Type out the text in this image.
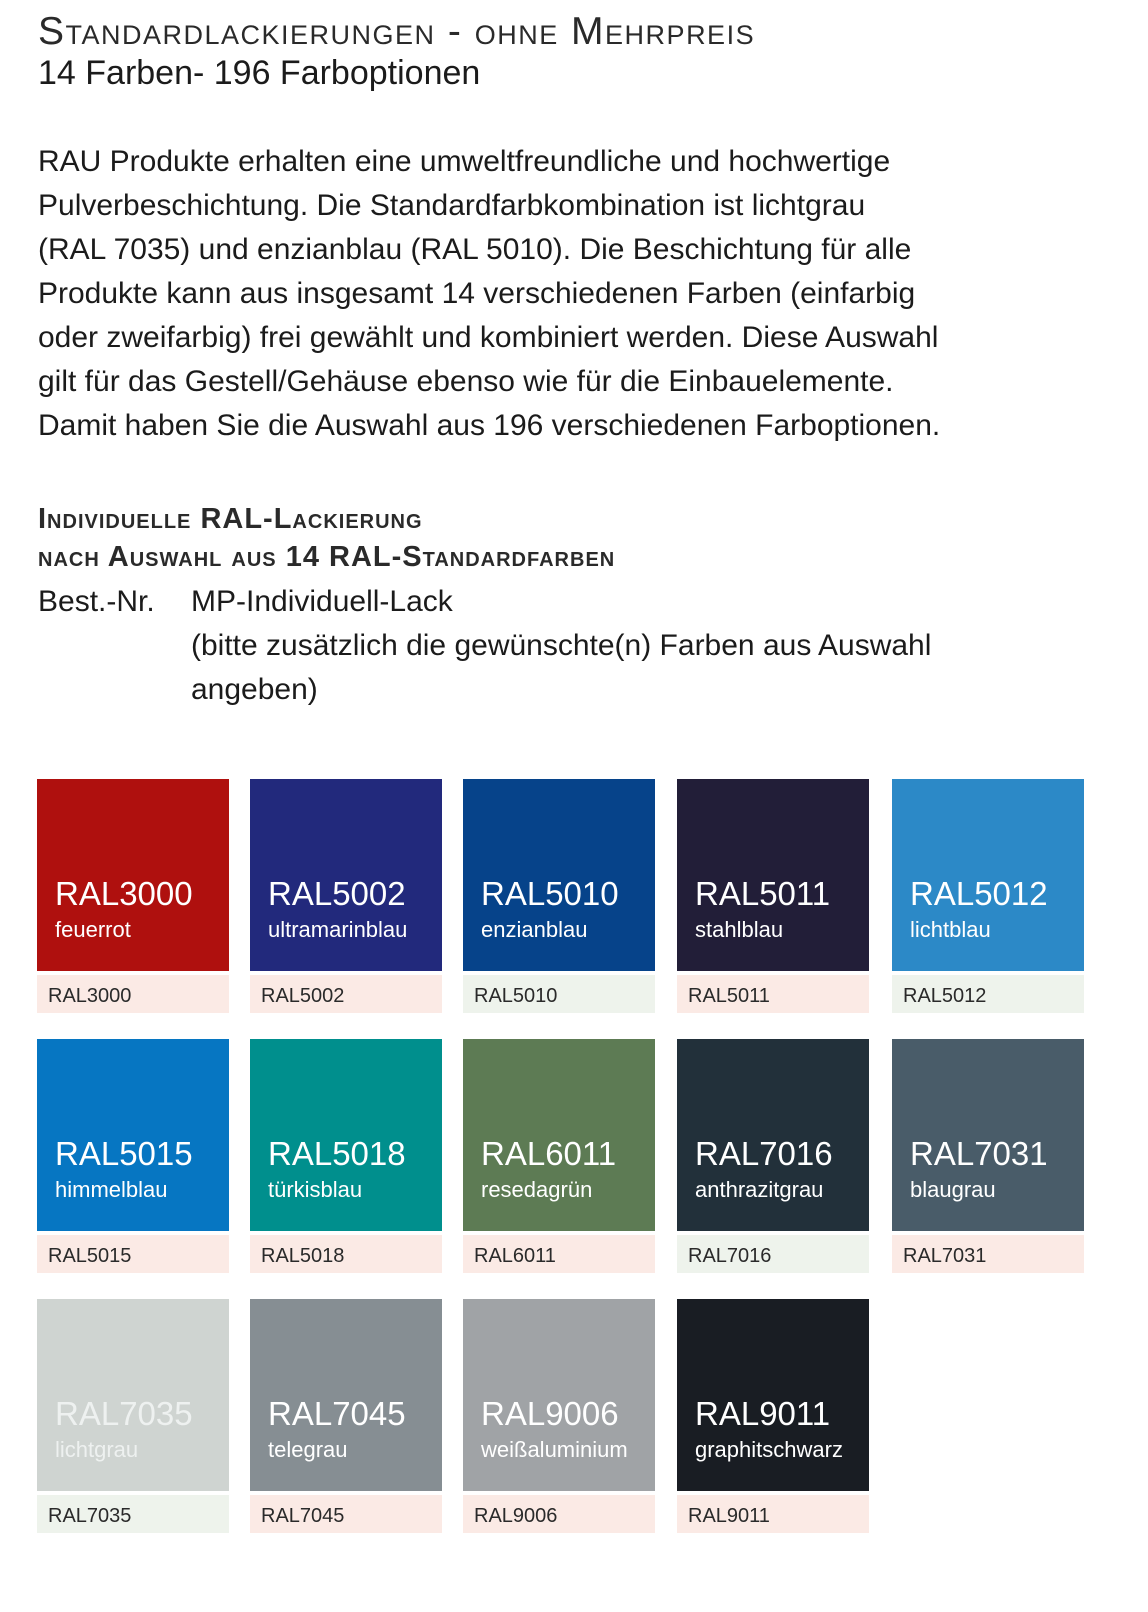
Standardlackierungen - ohne Mehrpreis
14 Farben- 196 Farboptionen

RAU Produkte erhalten eine umweltfreundliche und hochwertige
Pulverbeschichtung. Die Standardfarbkombination ist lichtgrau
(RAL 7035) und enzianblau (RAL 5010). Die Beschichtung für alle
Produkte kann aus insgesamt 14 verschiedenen Farben (einfarbig
oder zweifarbig) frei gewählt und kombiniert werden. Diese Auswahl
gilt für das Gestell/Gehäuse ebenso wie für die Einbauelemente.
Damit haben Sie die Auswahl aus 196 verschiedenen Farboptionen.

Individuelle RAL-Lackierung
nach Auswahl aus 14 RAL-Standardfarben
Best.-Nr. MP-Individuell-Lack
(bitte zusätzlich die gewünschte(n) Farben aus Auswahl
angeben)
RAL3000
feuerrot
RAL3000
RAL5002
ultramarinblau
RAL5002
RAL5010
enzianblau
RAL5010
RAL5011
stahlblau
RAL5011
RAL5012
lichtblau
RAL5012
RAL5015
himmelblau
RAL5015
RAL5018
türkisblau
RAL5018
RAL6011
resedagrün
RAL6011
RAL7016
anthrazitgrau
RAL7016
RAL7031
blaugrau
RAL7031
RAL7035
lichtgrau
RAL7035
RAL7045
telegrau
RAL7045
RAL9006
weißaluminium
RAL9006
RAL9011
graphitschwarz
RAL9011
